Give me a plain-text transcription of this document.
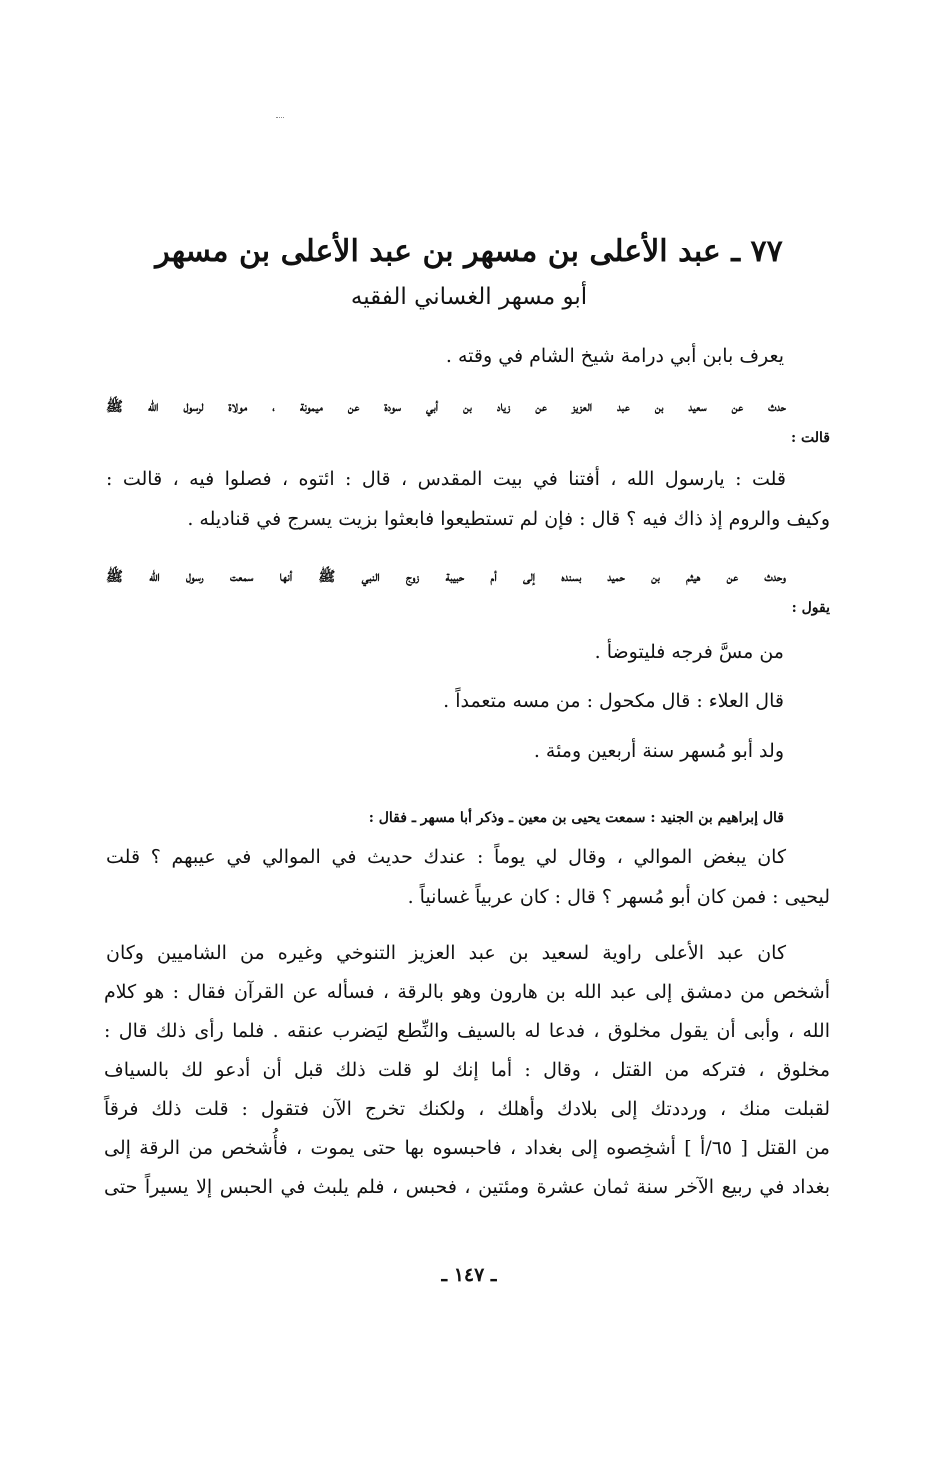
٧٧ ـ عبد الأعلى بن مسهر بن عبد الأعلى بن مسهر
أبو مسهر الغساني الفقيه
يعرف بابن أبي درامة شيخ الشام في وقته .
حدث عن سعيد بن عبد العزيز عن زياد بن أبي سودة عن ميمونة ، مولاة لرسول الله ﷺ
قالت :
قلت : يارسول الله ، أفتنا في بيت المقدس ، قال : ائتوه ، فصلوا فيه ، قالت :
وكيف والروم إذ ذاك فيه ؟ قال : فإن لم تستطيعوا فابعثوا بزيت يسرج في قناديله .
وحدث عن هيثم بن حميد بسنده إلى أم حبيبة زوج النبي ﷺ أنها سمعت رسول الله ﷺ
يقول :
من مسَّ فرجه فليتوضأ .
قال العلاء : قال مكحول : من مسه متعمداً .
ولد أبو مُسهر سنة أربعين ومئة .
قال إبراهيم بن الجنيد : سمعت يحيى بن معين ـ وذكر أبا مسهر ـ فقال :
كان يبغض الموالي ، وقال لي يوماً : عندك حديث في الموالي في عيبهم ؟ قلت
ليحيى : فمن كان أبو مُسهر ؟ قال : كان عربياً غسانياً .
كان عبد الأعلى راوية لسعيد بن عبد العزيز التنوخي وغيره من الشاميين وكان
أشخص من دمشق إلى عبد الله بن هارون وهو بالرقة ، فسأله عن القرآن فقال : هو كلام
الله ، وأبى أن يقول مخلوق ، فدعا له بالسيف والنِّطع ليَضرب عنقه . فلما رأى ذلك قال :
مخلوق ، فتركه من القتل ، وقال : أما إنك لو قلت ذلك قبل أن أدعو لك بالسياف
لقبلت منك ، ورددتك إلى بلادك وأهلك ، ولكنك تخرج الآن فتقول : قلت ذلك فرقاً
من القتل [ ٦٥/أ ] أشخِصوه إلى بغداد ، فاحبسوه بها حتى يموت ، فأُشخص من الرقة إلى
بغداد في ربيع الآخر سنة ثمان عشرة ومئتين ، فحبس ، فلم يلبث في الحبس إلا يسيراً حتى
ـ ١٤٧ ـ
